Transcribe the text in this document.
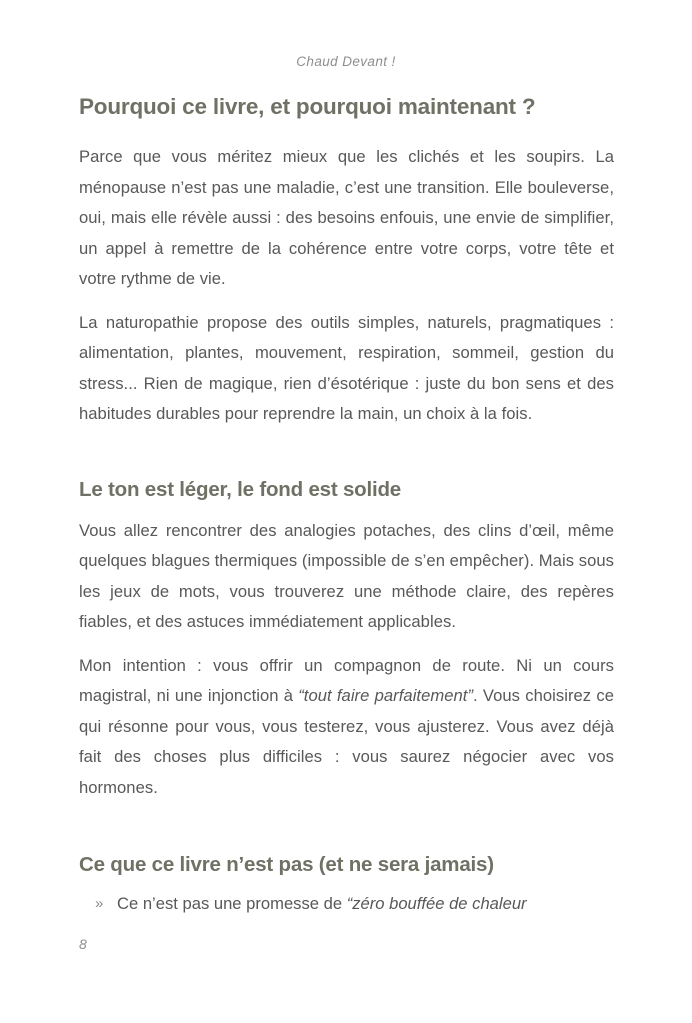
Chaud Devant !
Pourquoi ce livre, et pourquoi maintenant ?

Parce que vous méritez mieux que les clichés et les soupirs. La ménopause n’est pas une maladie, c’est une transition. Elle bouleverse, oui, mais elle révèle aussi : des besoins enfouis, une envie de simplifier, un appel à remettre de la cohérence entre votre corps, votre tête et votre rythme de vie.

La naturopathie propose des outils simples, naturels, pragmatiques : alimentation, plantes, mouvement, respiration, sommeil, gestion du stress... Rien de magique, rien d’ésotérique : juste du bon sens et des habitudes durables pour reprendre la main, un choix à la fois.

Le ton est léger, le fond est solide

Vous allez rencontrer des analogies potaches, des clins d’œil, même quelques blagues thermiques (impossible de s’en empêcher). Mais sous les jeux de mots, vous trouverez une méthode claire, des repères fiables, et des astuces immédiatement applicables.

Mon intention : vous offrir un compagnon de route. Ni un cours magistral, ni une injonction à “tout faire parfaitement”. Vous choisirez ce qui résonne pour vous, vous testerez, vous ajusterez. Vous avez déjà fait des choses plus difficiles : vous saurez négocier avec vos hormones.

Ce que ce livre n’est pas (et ne sera jamais)
» Ce n’est pas une promesse de “zéro bouffée de chaleur
8
